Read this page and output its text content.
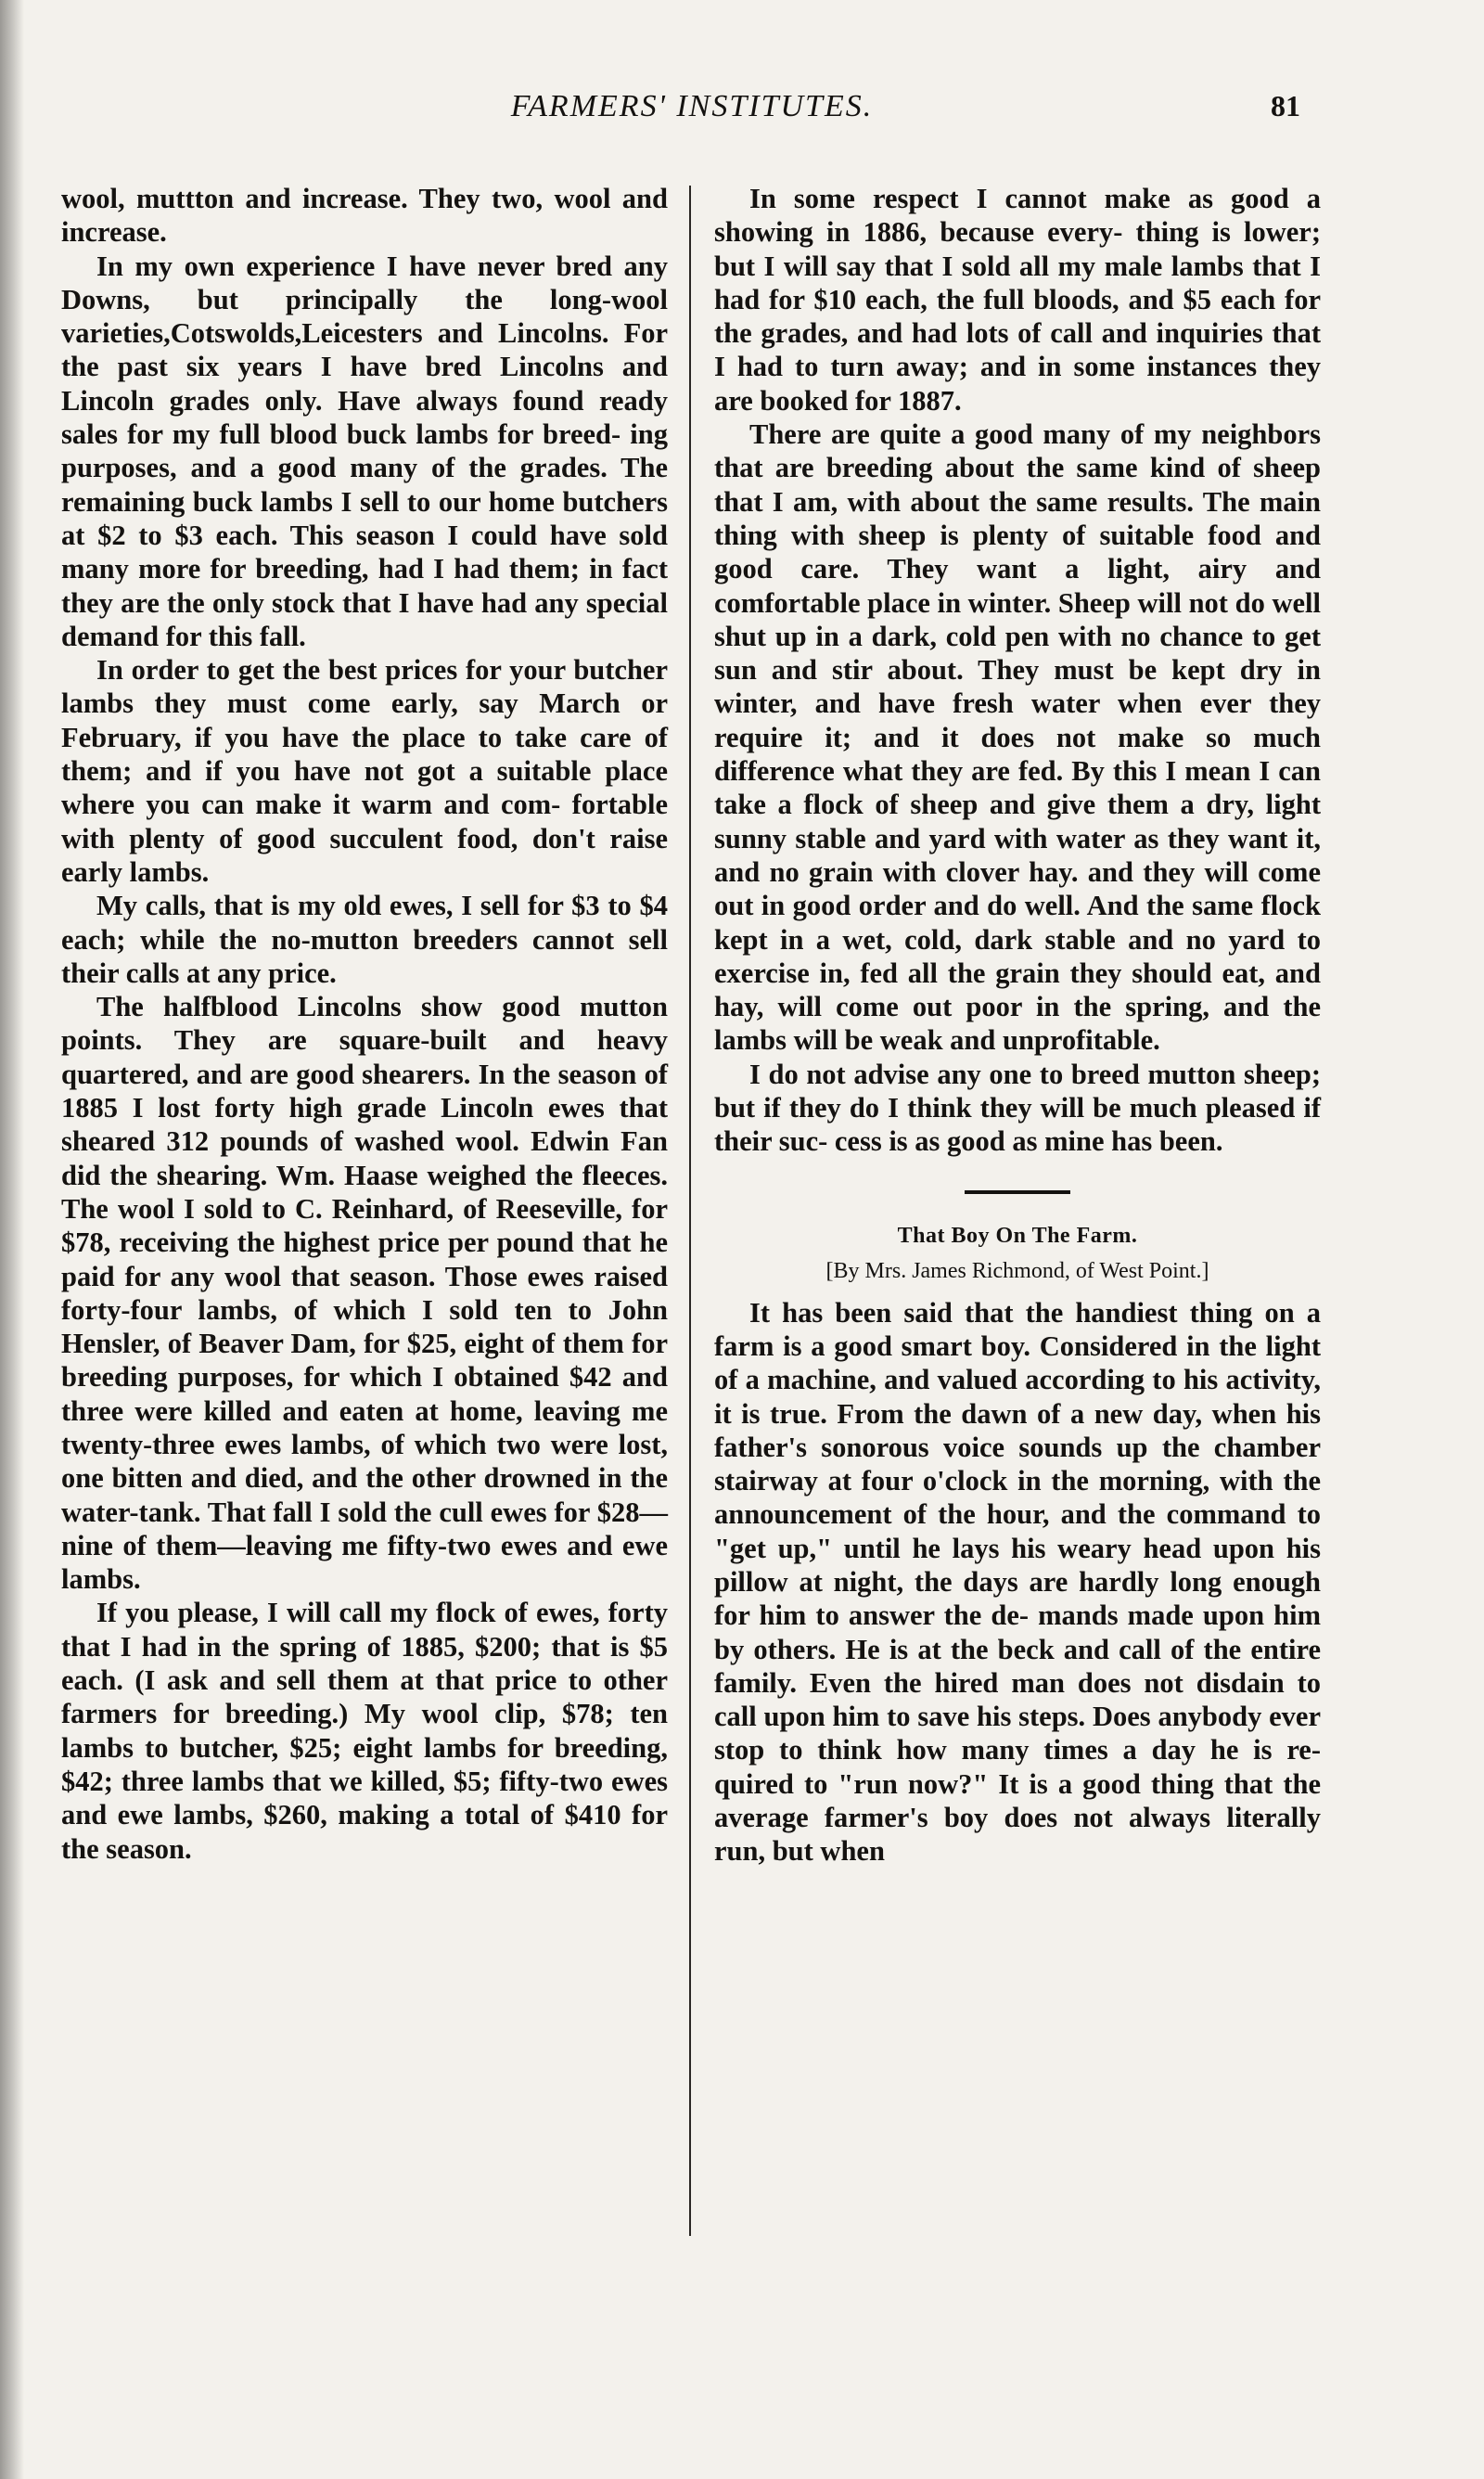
FARMERS' INSTITUTES.	81

wool, muttton and increase. They two, wool and increase.

In my own experience I have never bred any Downs, but principally the long-wool varieties,Cotswolds,Leicesters and Lincolns. For the past six years I have bred Lincolns and Lincoln grades only. Have always found ready sales for my full blood buck lambs for breed- ing purposes, and a good many of the grades. The remaining buck lambs I sell to our home butchers at $2 to $3 each. This season I could have sold many more for breeding, had I had them; in fact they are the only stock that I have had any special demand for this fall.

In order to get the best prices for your butcher lambs they must come early, say March or February, if you have the place to take care of them; and if you have not got a suitable place where you can make it warm and com- fortable with plenty of good succulent food, don't raise early lambs.

My calls, that is my old ewes, I sell for $3 to $4 each; while the no-mutton breeders cannot sell their calls at any price.

The halfblood Lincolns show good mutton points. They are square-built and heavy quartered, and are good shearers. In the season of 1885 I lost forty high grade Lincoln ewes that sheared 312 pounds of washed wool. Edwin Fan did the shearing. Wm. Haase weighed the fleeces. The wool I sold to C. Reinhard, of Reeseville, for $78, receiving the highest price per pound that he paid for any wool that season. Those ewes raised forty-four lambs, of which I sold ten to John Hensler, of Beaver Dam, for $25, eight of them for breeding purposes, for which I obtained $42 and three were killed and eaten at home, leaving me twenty-three ewes lambs, of which two were lost, one bitten and died, and the other drowned in the water-tank. That fall I sold the cull ewes for $28— nine of them—leaving me fifty-two ewes and ewe lambs.

If you please, I will call my flock of ewes, forty that I had in the spring of 1885, $200; that is $5 each. (I ask and sell them at that price to other farmers for breeding.) My wool clip, $78; ten lambs to butcher, $25; eight lambs for breeding, $42; three lambs that we killed, $5; fifty-two ewes and ewe lambs, $260, making a total of $410 for the season.

In some respect I cannot make as good a showing in 1886, because every- thing is lower; but I will say that I sold all my male lambs that I had for $10 each, the full bloods, and $5 each for the grades, and had lots of call and inquiries that I had to turn away; and in some instances they are booked for 1887.

There are quite a good many of my neighbors that are breeding about the same kind of sheep that I am, with about the same results. The main thing with sheep is plenty of suitable food and good care. They want a light, airy and comfortable place in winter. Sheep will not do well shut up in a dark, cold pen with no chance to get sun and stir about. They must be kept dry in winter, and have fresh water when ever they require it; and it does not make so much difference what they are fed. By this I mean I can take a flock of sheep and give them a dry, light sunny stable and yard with water as they want it, and no grain with clover hay. and they will come out in good order and do well. And the same flock kept in a wet, cold, dark stable and no yard to exercise in, fed all the grain they should eat, and hay, will come out poor in the spring, and the lambs will be weak and unprofitable.

I do not advise any one to breed mutton sheep; but if they do I think they will be much pleased if their suc- cess is as good as mine has been.

That Boy On The Farm.
[By Mrs. James Richmond, of West Point.]

It has been said that the handiest thing on a farm is a good smart boy. Considered in the light of a machine, and valued according to his activity, it is true. From the dawn of a new day, when his father's sonorous voice sounds up the chamber stairway at four o'clock in the morning, with the announcement of the hour, and the command to "get up," until he lays his weary head upon his pillow at night, the days are hardly long enough for him to answer the de- mands made upon him by others. He is at the beck and call of the entire family. Even the hired man does not disdain to call upon him to save his steps. Does anybody ever stop to think how many times a day he is re- quired to "run now?" It is a good thing that the average farmer's boy does not always literally run, but when
